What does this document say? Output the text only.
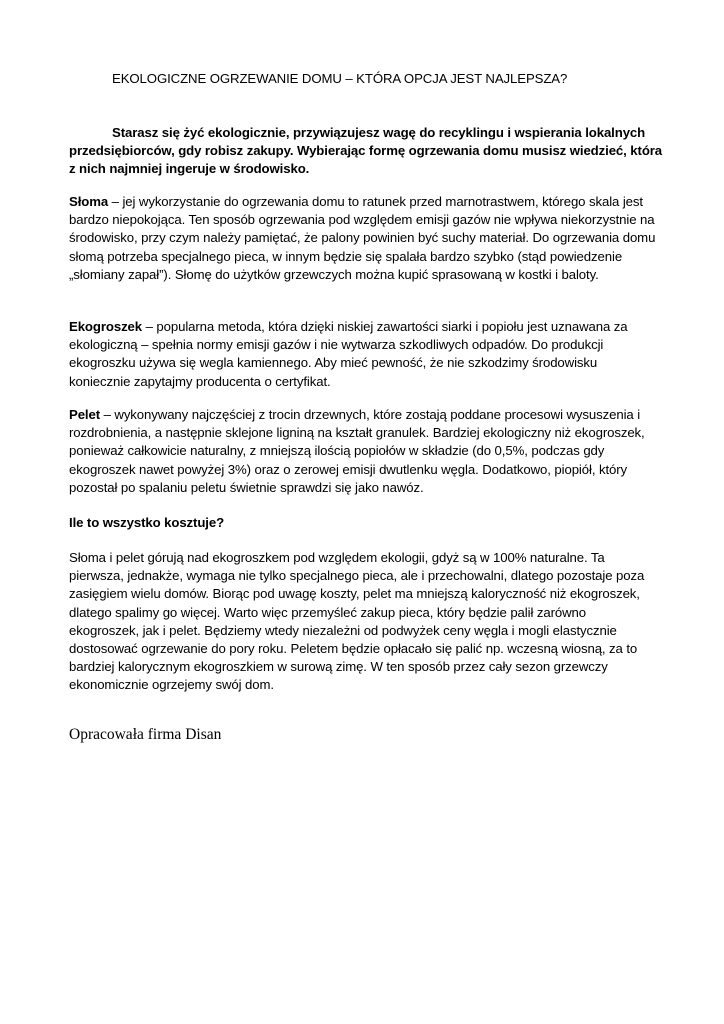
EKOLOGICZNE OGRZEWANIE DOMU – KTÓRA OPCJA JEST NAJLEPSZA?

Starasz się żyć ekologicznie, przywiązujesz wagę do recyklingu i wspierania lokalnych przedsiębiorców, gdy robisz zakupy. Wybierając formę ogrzewania domu musisz wiedzieć, która z nich najmniej ingeruje w środowisko.

Słoma – jej wykorzystanie do ogrzewania domu to ratunek przed marnotrastwem, którego skala jest bardzo niepokojąca. Ten sposób ogrzewania pod względem emisji gazów nie wpływa niekorzystnie na środowisko, przy czym należy pamiętać, że palony powinien być suchy materiał. Do ogrzewania domu słomą potrzeba specjalnego pieca, w innym będzie się spalała bardzo szybko (stąd powiedzenie „słomiany zapał”). Słomę do użytków grzewczych można kupić sprasowaną w kostki i baloty.

Ekogroszek – popularna metoda, która dzięki niskiej zawartości siarki i popiołu jest uznawana za ekologiczną – spełnia normy emisji gazów i nie wytwarza szkodliwych odpadów. Do produkcji ekogroszku używa się wegla kamiennego. Aby mieć pewność, że nie szkodzimy środowisku koniecznie zapytajmy producenta o certyfikat.

Pelet – wykonywany najczęściej z trocin drzewnych, które zostają poddane procesowi wysuszenia i rozdrobnienia, a następnie sklejone ligniną na kształt granulek. Bardziej ekologiczny niż ekogroszek, ponieważ całkowicie naturalny, z mniejszą ilością popiołów w składzie (do 0,5%, podczas gdy ekogroszek nawet powyżej 3%) oraz o zerowej emisji dwutlenku węgla. Dodatkowo, piopiół, który pozostał po spalaniu peletu świetnie sprawdzi się jako nawóz.

Ile to wszystko kosztuje?

Słoma i pelet górują nad ekogroszkem pod względem ekologii, gdyż są w 100% naturalne. Ta pierwsza, jednakże, wymaga nie tylko specjalnego pieca, ale i przechowalni, dlatego pozostaje poza zasięgiem wielu domów. Biorąc pod uwagę koszty, pelet ma mniejszą kaloryczność niż ekogroszek, dlatego spalimy go więcej. Warto więc przemyśleć zakup pieca, który będzie palił zarówno ekogroszek, jak i pelet. Będziemy wtedy niezależni od podwyżek ceny węgla i mogli elastycznie dostosować ogrzewanie do pory roku. Peletem będzie opłacało się palić np. wczesną wiosną, za to bardziej kalorycznym ekogroszkiem w surową zimę. W ten sposób przez cały sezon grzewczy ekonomicznie ogrzejemy swój dom.

Opracowała firma Disan
